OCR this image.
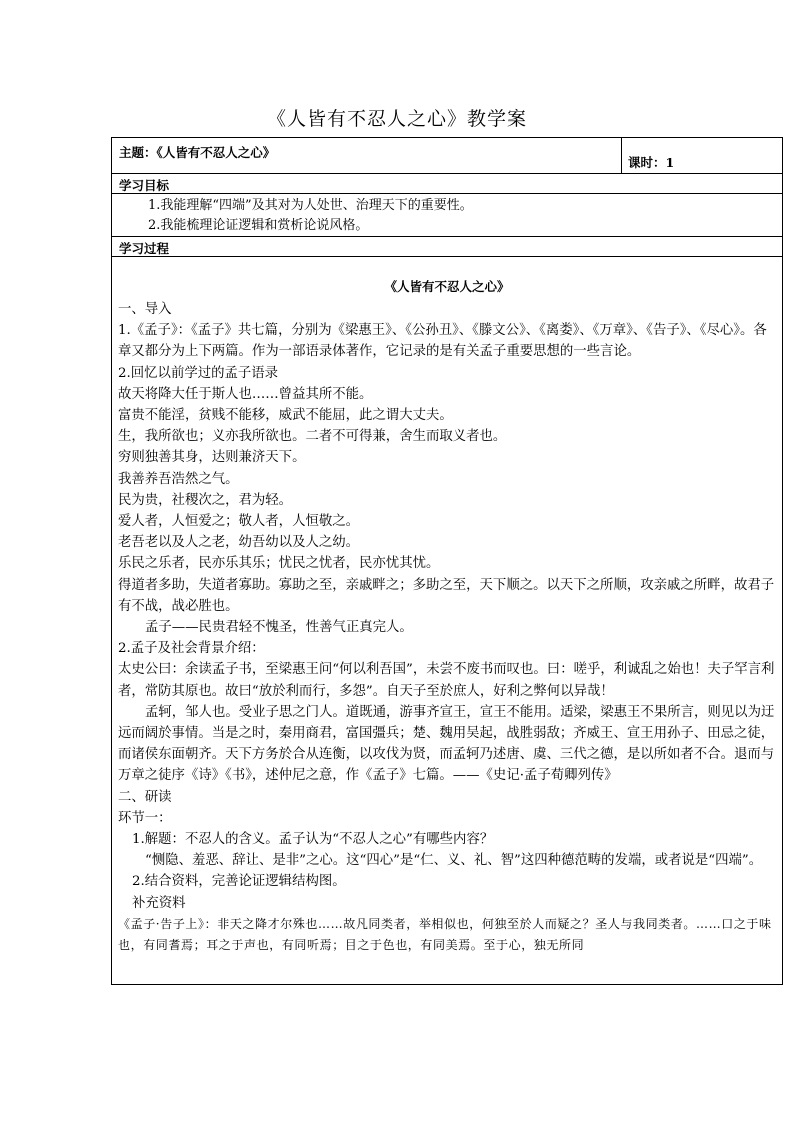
《人皆有不忍人之心》教学案
主题：《人皆有不忍人之心》
课时：1
学习目标
1.我能理解“四端”及其对为人处世、治理天下的重要性。
2.我能梳理论证逻辑和赏析论说风格。
学习过程
《人皆有不忍人之心》

一、导入

1.《孟子》：《孟子》共七篇，分别为《梁惠王》、《公孙丑》、《滕文公》、《离娄》、《万章》、《告子》、《尽心》。各章又都分为上下两篇。作为一部语录体著作，它记录的是有关孟子重要思想的一些言论。

2.回忆以前学过的孟子语录

故天将降大任于斯人也……曾益其所不能。

富贵不能淫，贫贱不能移，威武不能屈，此之谓大丈夫。

生，我所欲也；义亦我所欲也。二者不可得兼，舍生而取义者也。

穷则独善其身，达则兼济天下。

我善养吾浩然之气。

民为贵，社稷次之，君为轻。

爱人者，人恒爱之；敬人者，人恒敬之。

老吾老以及人之老，幼吾幼以及人之幼。

乐民之乐者，民亦乐其乐；忧民之忧者，民亦忧其忧。

得道者多助，失道者寡助。寡助之至，亲戚畔之；多助之至，天下顺之。以天下之所顺，攻亲戚之所畔，故君子有不战，战必胜也。

孟子——民贵君轻不愧圣，性善气正真完人。

2.孟子及社会背景介绍：

太史公曰：余读孟子书，至梁惠王问“何以利吾国”，未尝不废书而叹也。曰：嗟乎，利诚乱之始也！夫子罕言利者，常防其原也。故曰“放於利而行，多怨”。自天子至於庶人，好利之弊何以异哉！

孟轲，邹人也。受业子思之门人。道既通，游事齐宣王，宣王不能用。适梁，梁惠王不果所言，则见以为迂远而阔於事情。当是之时，秦用商君，富国彊兵；楚、魏用吴起，战胜弱敌；齐威王、宣王用孙子、田忌之徒，而诸侯东面朝齐。天下方务於合从连衡，以攻伐为贤，而孟轲乃述唐、虞、三代之德，是以所如者不合。退而与万章之徒序《诗》《书》，述仲尼之意，作《孟子》七篇。——《史记·孟子荀卿列传》

二、研读

环节一：

1.解题：不忍人的含义。孟子认为“不忍人之心”有哪些内容？

“恻隐、羞恶、辞让、是非”之心。这“四心”是“仁、义、礼、智”这四种德范畴的发端，或者说是“四端”。

2.结合资料，完善论证逻辑结构图。

补充资料

《孟子·告子上》：非天之降才尔殊也……故凡同类者，举相似也，何独至於人而疑之？圣人与我同类者。……口之于味也，有同耆焉；耳之于声也，有同听焉；目之于色也，有同美焉。至于心，独无所同
